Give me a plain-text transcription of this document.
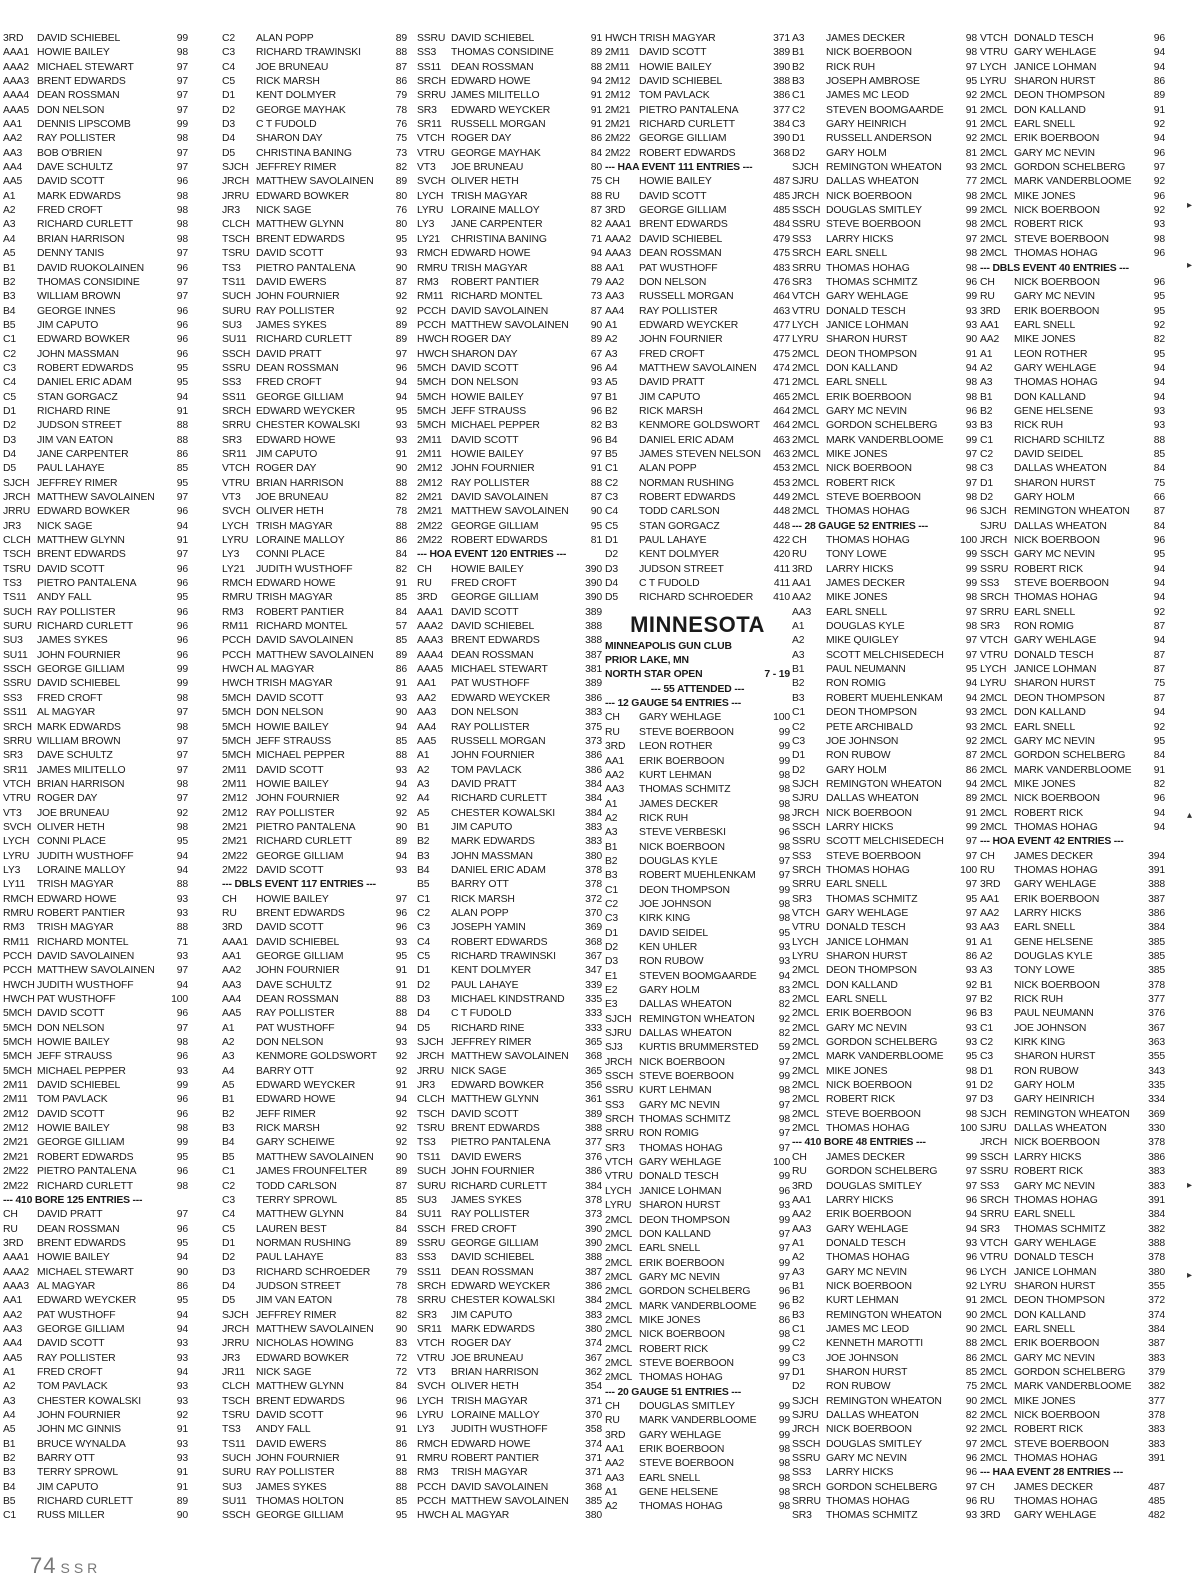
3RD	DAVID SCHIEBEL	99
AAA1 HOWIE BAILEY	98
AAA2 MICHAEL STEWART	97
AAA3 BRENT EDWARDS	97
AAA4 DEAN ROSSMAN	97
AAA5 DON NELSON	97
AA1	DENNIS LIPSCOMB	99
AA2	RAY POLLISTER	98
AA3	BOB O'BRIEN	97
AA4	DAVE SCHULTZ	97
AA5	DAVID SCOTT	96
A1	MARK EDWARDS	98
A2	FRED CROFT	98
A3	RICHARD CURLETT	98
A4	BRIAN HARRISON	98
A5	DENNY TANIS	97
B1	DAVID RUOKOLAINEN	96
B2	THOMAS CONSIDINE	97
B3	WILLIAM BROWN	97
B4	GEORGE INNES	96
B5	JIM CAPUTO	96
C1	EDWARD BOWKER	96
C2	JOHN MASSMAN	96
C3	ROBERT EDWARDS	95
C4	DANIEL ERIC ADAM	95
C5	STAN GORGACZ	94
D1	RICHARD RINE	91
D2	JUDSON STREET	88
D3	JIM VAN EATON	88
D4	JANE CARPENTER	86
D5	PAUL LAHAYE	85
SJCH JEFFREY RIMER	95
JRCH MATTHEW SAVOLAINEN	97
JRRU EDWARD BOWKER	96
JR3	NICK SAGE	94
CLCH MATTHEW GLYNN	91
TSCH BRENT EDWARDS	97
TSRU DAVID SCOTT	96
TS3	PIETRO PANTALENA	96
TS11	ANDY FALL	95
SUCH RAY POLLISTER	96
SURU RICHARD CURLETT	96
SU3	JAMES SYKES	96
SU11 JOHN FOURNIER	96
SSCH GEORGE GILLIAM	99
SSRU DAVID SCHIEBEL	99
SS3	FRED CROFT	98
SS11 AL MAGYAR	97
SRCH MARK EDWARDS	98
SRRU WILLIAM BROWN	97
SR3	DAVE SCHULTZ	97
SR11 JAMES MILITELLO	97
VTCH BRIAN HARRISON	98
VTRU ROGER DAY	97
VT3	JOE BRUNEAU	92
SVCH OLIVER HETH	98
LYCH CONNI PLACE	95
LYRU JUDITH WUSTHOFF	94
LY3	LORAINE MALLOY	94
LY11	TRISH MAGYAR	88
RMCH EDWARD HOWE	93
RMRU ROBERT PANTIER	93
RM3	TRISH MAGYAR	88
RM11 RICHARD MONTEL	71
PCCH DAVID SAVOLAINEN	93
PCCH MATTHEW SAVOLAINEN	97
HWCH JUDITH WUSTHOFF	94
HWCH PAT WUSTHOFF	100
5MCH DAVID SCOTT	96
5MCH DON NELSON	97
5MCH HOWIE BAILEY	98
5MCH JEFF STRAUSS	96
5MCH MICHAEL PEPPER	93
2M11 DAVID SCHIEBEL	99
2M11 TOM PAVLACK	96
2M12 DAVID SCOTT	96
2M12 HOWIE BAILEY	98
2M21 GEORGE GILLIAM	99
2M21 ROBERT EDWARDS	95
2M22 PIETRO PANTALENA	96
2M22 RICHARD CURLETT	98
--- 410 BORE 125 ENTRIES ---
CH	DAVID PRATT	97
RU	DEAN ROSSMAN	96
3RD	BRENT EDWARDS	95
AAA1 HOWIE BAILEY	94
AAA2 MICHAEL STEWART	90
AAA3 AL MAGYAR	86
AA1	EDWARD WEYCKER	95
AA2	PAT WUSTHOFF	94
AA3	GEORGE GILLIAM	94
AA4	DAVID SCOTT	93
AA5	RAY POLLISTER	93
A1	FRED CROFT	94
A2	TOM PAVLACK	93
A3	CHESTER KOWALSKI	93
A4	JOHN FOURNIER	92
A5	JOHN MC GINNIS	91
B1	BRUCE WYNALDA	93
B2	BARRY OTT	93
B3	TERRY SPROWL	91
B4	JIM CAPUTO	91
B5	RICHARD CURLETT	89
C1	RUSS MILLER	90
C2	ALAN POPP	89
C3	RICHARD TRAWINSKI	88
C4	JOE BRUNEAU	87
C5	RICK MARSH	86
D1	KENT DOLMYER	79
D2	GEORGE MAYHAK	78
D3	C T FUDOLD	76
D4	SHARON DAY	75
D5	CHRISTINA BANING	73
SJCH JEFFREY RIMER	82
JRCH MATTHEW SAVOLAINEN	89
JRRU EDWARD BOWKER	80
JR3	NICK SAGE	76
CLCH MATTHEW GLYNN	80
TSCH BRENT EDWARDS	95
TSRU DAVID SCOTT	93
TS3	PIETRO PANTALENA	90
TS11	DAVID EWERS	87
SUCH JOHN FOURNIER	92
SURU RAY POLLISTER	92
SU3	JAMES SYKES	89
SU11 RICHARD CURLETT	89
SSCH DAVID PRATT	97
SSRU DEAN ROSSMAN	96
SS3	FRED CROFT	94
SS11 GEORGE GILLIAM	94
SRCH EDWARD WEYCKER	95
SRRU CHESTER KOWALSKI	93
SR3	EDWARD HOWE	93
SR11 JIM CAPUTO	91
VTCH ROGER DAY	90
VTRU BRIAN HARRISON	88
VT3	JOE BRUNEAU	82
SVCH OLIVER HETH	78
LYCH TRISH MAGYAR	88
LYRU LORAINE MALLOY	86
LY3	CONNI PLACE	84
LY21	JUDITH WUSTHOFF	82
RMCH EDWARD HOWE	91
RMRU TRISH MAGYAR	85
RM3	ROBERT PANTIER	84
RM11 RICHARD MONTEL	57
PCCH DAVID SAVOLAINEN	85
PCCH MATTHEW SAVOLAINEN	89
HWCH AL MAGYAR	86
HWCH TRISH MAGYAR	91
5MCH DAVID SCOTT	93
5MCH DON NELSON	90
5MCH HOWIE BAILEY	94
5MCH JEFF STRAUSS	85
5MCH MICHAEL PEPPER	88
2M11 DAVID SCOTT	93
2M11 HOWIE BAILEY	94
2M12 JOHN FOURNIER	92
2M12 RAY POLLISTER	92
2M21 PIETRO PANTALENA	90
2M21 RICHARD CURLETT	89
2M22 GEORGE GILLIAM	94
2M22 DAVID SCOTT	93
--- DBLS EVENT 117 ENTRIES ---
CH	HOWIE BAILEY	97
RU	BRENT EDWARDS	96
3RD	DAVID SCOTT	96
AAA1 DAVID SCHIEBEL	93
AA1	GEORGE GILLIAM	95
AA2	JOHN FOURNIER	91
AA3	DAVE SCHULTZ	91
AA4	DEAN ROSSMAN	88
AA5	RAY POLLISTER	88
A1	PAT WUSTHOFF	94
A2	DON NELSON	93
A3	KENMORE GOLDSWORT	92
A4	BARRY OTT	92
A5	EDWARD WEYCKER	91
B1	EDWARD HOWE	94
B2	JEFF RIMER	92
B3	RICK MARSH	92
B4	GARY SCHEIWE	92
B5	MATTHEW SAVOLAINEN	90
C1	JAMES FROUNFELTER	89
C2	TODD CARLSON	87
C3	TERRY SPROWL	85
C4	MATTHEW GLYNN	84
C5	LAUREN BEST	84
D1	NORMAN RUSHING	89
D2	PAUL LAHAYE	83
D3	RICHARD SCHROEDER	79
D4	JUDSON STREET	78
D5	JIM VAN EATON	78
SJCH JEFFREY RIMER	82
JRCH MATTHEW SAVOLAINEN	90
JRRU NICHOLAS HOWING	83
JR3	EDWARD BOWKER	72
JR11	NICK SAGE	72
CLCH MATTHEW GLYNN	84
TSCH BRENT EDWARDS	96
TSRU DAVID SCOTT	96
TS3	ANDY FALL	91
TS11	DAVID EWERS	86
SUCH JOHN FOURNIER	91
SURU RAY POLLISTER	88
SU3	JAMES SYKES	88
SU11 THOMAS HOLTON	85
SSCH GEORGE GILLIAM	95
SSRU DAVID SCHIEBEL	91
SS3	THOMAS CONSIDINE	89
SS11 DEAN ROSSMAN	88
SRCH EDWARD HOWE	94
SRRU JAMES MILITELLO	91
SR3	EDWARD WEYCKER	91
SR11 RUSSELL MORGAN	91
VTCH ROGER DAY	86
VTRU GEORGE MAYHAK	84
VT3	JOE BRUNEAU	80
SVCH OLIVER HETH	75
LYCH TRISH MAGYAR	88
LYRU LORAINE MALLOY	87
LY3	JANE CARPENTER	82
LY21	CHRISTINA BANING	71
RMCH EDWARD HOWE	94
RMRU TRISH MAGYAR	88
RM3	ROBERT PANTIER	79
RM11 RICHARD MONTEL	73
PCCH DAVID SAVOLAINEN	87
PCCH MATTHEW SAVOLAINEN	90
HWCH ROGER DAY	89
HWCH SHARON DAY	67
5MCH DAVID SCOTT	96
5MCH DON NELSON	93
5MCH HOWIE BAILEY	97
5MCH JEFF STRAUSS	96
5MCH MICHAEL PEPPER	82
2M11 DAVID SCOTT	96
2M11 HOWIE BAILEY	97
2M12 JOHN FOURNIER	91
2M12 RAY POLLISTER	88
2M21 DAVID SAVOLAINEN	87
2M21 MATTHEW SAVOLAINEN	90
2M22 GEORGE GILLIAM	95
2M22 ROBERT EDWARDS	81
--- HOA EVENT 120 ENTRIES ---
CH	HOWIE BAILEY	390
RU	FRED CROFT	390
3RD	GEORGE GILLIAM	390
AAA1 DAVID SCOTT	389
AAA2 DAVID SCHIEBEL	388
AAA3 BRENT EDWARDS	388
AAA4 DEAN ROSSMAN	387
AAA5 MICHAEL STEWART	381
AA1	PAT WUSTHOFF	389
AA2	EDWARD WEYCKER	386
AA3	DON NELSON	383
AA4	RAY POLLISTER	375
AA5	RUSSELL MORGAN	373
A1	JOHN FOURNIER	386
A2	TOM PAVLACK	386
A3	DAVID PRATT	384
A4	RICHARD CURLETT	384
A5	CHESTER KOWALSKI	384
B1	JIM CAPUTO	383
B2	MARK EDWARDS	383
B3	JOHN MASSMAN	380
B4	DANIEL ERIC ADAM	378
B5	BARRY OTT	378
C1	RICK MARSH	372
C2	ALAN POPP	370
C3	JOSEPH YAMIN	369
C4	ROBERT EDWARDS	368
C5	RICHARD TRAWINSKI	367
D1	KENT DOLMYER	347
D2	PAUL LAHAYE	339
D3	MICHAEL KINDSTRAND	335
D4	C T FUDOLD	333
D5	RICHARD RINE	333
SJCH JEFFREY RIMER	365
JRCH MATTHEW SAVOLAINEN	368
JRRU NICK SAGE	365
JR3	EDWARD BOWKER	356
CLCH MATTHEW GLYNN	361
TSCH DAVID SCOTT	389
TSRU BRENT EDWARDS	388
TS3	PIETRO PANTALENA	377
TS11	DAVID EWERS	376
SUCH JOHN FOURNIER	386
SURU RICHARD CURLETT	384
SU3	JAMES SYKES	378
SU11 RAY POLLISTER	373
SSCH FRED CROFT	390
SSRU GEORGE GILLIAM	390
SS3	DAVID SCHIEBEL	388
SS11 DEAN ROSSMAN	387
SRCH EDWARD WEYCKER	386
SRRU CHESTER KOWALSKI	384
SR3	JIM CAPUTO	383
SR11 MARK EDWARDS	380
VTCH ROGER DAY	374
VTRU JOE BRUNEAU	367
VT3	BRIAN HARRISON	362
SVCH OLIVER HETH	354
LYCH TRISH MAGYAR	371
LYRU LORAINE MALLOY	370
LY3	JUDITH WUSTHOFF	358
RMCH EDWARD HOWE	374
RMRU ROBERT PANTIER	371
RM3	TRISH MAGYAR	371
PCCH DAVID SAVOLAINEN	368
PCCH MATTHEW SAVOLAINEN	385
HWCH AL MAGYAR	380
HWCH TRISH MAGYAR	371
2M11 DAVID SCOTT	389
2M11 HOWIE BAILEY	390
2M12 DAVID SCHIEBEL	388
2M12 TOM PAVLACK	386
2M21 PIETRO PANTALENA	377
2M21 RICHARD CURLETT	384
2M22 GEORGE GILLIAM	390
2M22 ROBERT EDWARDS	368
--- HAA EVENT 111 ENTRIES ---
CH	HOWIE BAILEY	487
RU	DAVID SCOTT	485
3RD	GEORGE GILLIAM	485
AAA1 BRENT EDWARDS	484
AAA2 DAVID SCHIEBEL	479
AAA3 DEAN ROSSMAN	475
AA1	PAT WUSTHOFF	483
AA2	DON NELSON	476
AA3	RUSSELL MORGAN	464
AA4	RAY POLLISTER	463
A1	EDWARD WEYCKER	477
A2	JOHN FOURNIER	477
A3	FRED CROFT	475
A4	MATTHEW SAVOLAINEN	474
A5	DAVID PRATT	471
B1	JIM CAPUTO	465
B2	RICK MARSH	464
B3	KENMORE GOLDSWORT	464
B4	DANIEL ERIC ADAM	463
B5	JAMES STEVEN NELSON	463
C1	ALAN POPP	453
C2	NORMAN RUSHING	453
C3	ROBERT EDWARDS	449
C4	TODD CARLSON	448
C5	STAN GORGACZ	448
D1	PAUL LAHAYE	422
D2	KENT DOLMYER	420
D3	JUDSON STREET	411
D4	C T FUDOLD	411
D5	RICHARD SCHROEDER	410
MINNESOTA
MINNEAPOLIS GUN CLUB
PRIOR LAKE, MN
NORTH STAR OPEN	7 - 19
--- 55 ATTENDED ---
--- 12 GAUGE 54 ENTRIES ---
CH	GARY WEHLAGE	100
RU	STEVE BOERBOON	99
3RD	LEON ROTHER	99
AA1	ERIK BOERBOON	99
AA2	KURT LEHMAN	98
AA3	THOMAS SCHMITZ	98
A1	JAMES DECKER	98
A2	RICK RUH	98
A3	STEVE VERBESKI	96
B1	NICK BOERBOON	98
B2	DOUGLAS KYLE	97
B3	ROBERT MUEHLENKAM	97
C1	DEON THOMPSON	99
C2	JOE JOHNSON	98
C3	KIRK KING	98
D1	DAVID SEIDEL	95
D2	KEN UHLER	93
D3	RON RUBOW	93
E1	STEVEN BOOMGAARDE	94
E2	GARY HOLM	83
E3	DALLAS WHEATON	82
SJCH REMINGTON WHEATON	92
SJRU DALLAS WHEATON	82
SJ3	KURTIS BRUMMERSTED	59
JRCH NICK BOERBOON	97
SSCH STEVE BOERBOON	99
SSRU KURT LEHMAN	98
SS3	GARY MC NEVIN	97
SRCH THOMAS SCHMITZ	98
SRRU RON ROMIG	97
SR3	THOMAS HOHAG	97
VTCH GARY WEHLAGE	100
VTRU DONALD TESCH	99
LYCH JANICE LOHMAN	96
LYRU SHARON HURST	93
2MCL DEON THOMPSON	99
2MCL DON KALLAND	97
2MCL EARL SNELL	97
2MCL ERIK BOERBOON	99
2MCL GARY MC NEVIN	97
2MCL GORDON SCHELBERG	96
2MCL MARK VANDERBLOOME	96
2MCL MIKE JONES	86
2MCL NICK BOERBOON	98
2MCL ROBERT RICK	99
2MCL STEVE BOERBOON	99
2MCL THOMAS HOHAG	97
--- 20 GAUGE 51 ENTRIES ---
CH	DOUGLAS SMITLEY	99
RU	MARK VANDERBLOOME	99
3RD	GARY WEHLAGE	99
AA1	ERIK BOERBOON	98
AA2	STEVE BOERBOON	98
AA3	EARL SNELL	98
A1	GENE HELSENE	98
A2	THOMAS HOHAG	98
A3	JAMES DECKER	98
B1	NICK BOERBOON	98
B2	RICK RUH	97
B3	JOSEPH AMBROSE	95
C1	JAMES MC LEOD	92
C2	STEVEN BOOMGAARDE	91
C3	GARY HEINRICH	91
D1	RUSSELL ANDERSON	92
D2	GARY HOLM	81
SJCH REMINGTON WHEATON	93
SJRU DALLAS WHEATON	77
JRCH NICK BOERBOON	98
SSCH DOUGLAS SMITLEY	99
SSRU STEVE BOERBOON	98
SS3	LARRY HICKS	97
SRCH EARL SNELL	98
SRRU THOMAS HOHAG	98
SR3	THOMAS SCHMITZ	96
VTCH GARY WEHLAGE	99
VTRU DONALD TESCH	93
LYCH JANICE LOHMAN	93
LYRU SHARON HURST	90
2MCL DEON THOMPSON	91
2MCL DON KALLAND	94
2MCL EARL SNELL	98
2MCL ERIK BOERBOON	98
2MCL GARY MC NEVIN	96
2MCL GORDON SCHELBERG	93
2MCL MARK VANDERBLOOME	99
2MCL MIKE JONES	97
2MCL NICK BOERBOON	98
2MCL ROBERT RICK	97
2MCL STEVE BOERBOON	98
2MCL THOMAS HOHAG	96
--- 28 GAUGE 52 ENTRIES ---
CH	THOMAS HOHAG	100
RU	TONY LOWE	99
3RD	LARRY HICKS	99
AA1	JAMES DECKER	99
AA2	MIKE JONES	98
AA3	EARL SNELL	97
A1	DOUGLAS KYLE	98
A2	MIKE QUIGLEY	97
A3	SCOTT MELCHISEDECH	97
B1	PAUL NEUMANN	95
B2	RON ROMIG	94
B3	ROBERT MUEHLENKAM	94
C1	DEON THOMPSON	93
C2	PETE ARCHIBALD	93
C3	JOE JOHNSON	92
D1	RON RUBOW	87
D2	GARY HOLM	86
SJCH REMINGTON WHEATON	94
SJRU DALLAS WHEATON	89
JRCH NICK BOERBOON	91
SSCH LARRY HICKS	99
SSRU SCOTT MELCHISEDECH	97
SS3	STEVE BOERBOON	97
SRCH THOMAS HOHAG	100
SRRU EARL SNELL	97
SR3	THOMAS SCHMITZ	95
VTCH GARY WEHLAGE	97
VTRU DONALD TESCH	93
LYCH JANICE LOHMAN	91
LYRU SHARON HURST	86
2MCL DEON THOMPSON	93
2MCL DON KALLAND	92
2MCL EARL SNELL	97
2MCL ERIK BOERBOON	96
2MCL GARY MC NEVIN	93
2MCL GORDON SCHELBERG	93
2MCL MARK VANDERBLOOME	95
2MCL MIKE JONES	98
2MCL NICK BOERBOON	91
2MCL ROBERT RICK	97
2MCL STEVE BOERBOON	98
2MCL THOMAS HOHAG	100
--- 410 BORE 48 ENTRIES ---
CH	JAMES DECKER	99
RU	GORDON SCHELBERG	97
3RD	DOUGLAS SMITLEY	97
AA1	LARRY HICKS	96
AA2	ERIK BOERBOON	94
AA3	GARY WEHLAGE	94
A1	DONALD TESCH	93
A2	THOMAS HOHAG	96
A3	GARY MC NEVIN	96
B1	NICK BOERBOON	92
B2	KURT LEHMAN	91
B3	REMINGTON WHEATON	90
C1	JAMES MC LEOD	90
C2	KENNETH MAROTTI	88
C3	JOE JOHNSON	86
D1	SHARON HURST	85
D2	RON RUBOW	75
SJCH REMINGTON WHEATON	90
SJRU DALLAS WHEATON	82
JRCH NICK BOERBOON	92
SSCH DOUGLAS SMITLEY	97
SSRU GARY MC NEVIN	96
SS3	LARRY HICKS	96
SRCH GORDON SCHELBERG	97
SRRU THOMAS HOHAG	96
SR3	THOMAS SCHMITZ	93
VTCH DONALD TESCH	96
VTRU GARY WEHLAGE	94
LYCH JANICE LOHMAN	94
LYRU SHARON HURST	86
2MCL DEON THOMPSON	89
2MCL DON KALLAND	91
2MCL EARL SNELL	92
2MCL ERIK BOERBOON	94
2MCL GARY MC NEVIN	96
2MCL GORDON SCHELBERG	97
2MCL MARK VANDERBLOOME	92
2MCL MIKE JONES	96
2MCL NICK BOERBOON	92
2MCL ROBERT RICK	93
2MCL STEVE BOERBOON	98
2MCL THOMAS HOHAG	96
--- DBLS EVENT 40 ENTRIES ---
CH	NICK BOERBOON	96
RU	GARY MC NEVIN	95
3RD	ERIK BOERBOON	95
AA1	EARL SNELL	92
AA2	MIKE JONES	82
A1	LEON ROTHER	95
A2	GARY WEHLAGE	94
A3	THOMAS HOHAG	94
B1	DON KALLAND	94
B2	GENE HELSENE	93
B3	RICK RUH	93
C1	RICHARD SCHILTZ	88
C2	DAVID SEIDEL	85
C3	DALLAS WHEATON	84
D1	SHARON HURST	75
D2	GARY HOLM	66
SJCH REMINGTON WHEATON	87
SJRU DALLAS WHEATON	84
JRCH NICK BOERBOON	96
SSCH GARY MC NEVIN	95
SSRU ROBERT RICK	94
SS3	STEVE BOERBOON	94
SRCH THOMAS HOHAG	94
SRRU EARL SNELL	92
SR3	RON ROMIG	87
VTCH GARY WEHLAGE	94
VTRU DONALD TESCH	87
LYCH JANICE LOHMAN	87
LYRU SHARON HURST	75
2MCL DEON THOMPSON	87
2MCL DON KALLAND	94
2MCL EARL SNELL	92
2MCL GARY MC NEVIN	95
2MCL GORDON SCHELBERG	84
2MCL MARK VANDERBLOOME	91
2MCL MIKE JONES	82
2MCL NICK BOERBOON	96
2MCL ROBERT RICK	94
2MCL THOMAS HOHAG	94
--- HOA EVENT 42 ENTRIES ---
CH	JAMES DECKER	394
RU	THOMAS HOHAG	391
3RD	GARY WEHLAGE	388
AA1	ERIK BOERBOON	387
AA2	LARRY HICKS	386
AA3	EARL SNELL	384
A1	GENE HELSENE	385
A2	DOUGLAS KYLE	385
A3	TONY LOWE	385
B1	NICK BOERBOON	378
B2	RICK RUH	377
B3	PAUL NEUMANN	376
C1	JOE JOHNSON	367
C2	KIRK KING	363
C3	SHARON HURST	355
D1	RON RUBOW	343
D2	GARY HOLM	335
D3	GARY HEINRICH	334
SJCH REMINGTON WHEATON	369
SJRU DALLAS WHEATON	330
JRCH NICK BOERBOON	378
SSCH LARRY HICKS	386
SSRU ROBERT RICK	383
SS3	GARY MC NEVIN	383
SRCH THOMAS HOHAG	391
SRRU EARL SNELL	384
SR3	THOMAS SCHMITZ	382
VTCH GARY WEHLAGE	388
VTRU DONALD TESCH	378
LYCH JANICE LOHMAN	380
LYRU SHARON HURST	355
2MCL DEON THOMPSON	372
2MCL DON KALLAND	374
2MCL EARL SNELL	384
2MCL ERIK BOERBOON	387
2MCL GARY MC NEVIN	383
2MCL GORDON SCHELBERG	379
2MCL MARK VANDERBLOOME	382
2MCL MIKE JONES	377
2MCL NICK BOERBOON	378
2MCL ROBERT RICK	383
2MCL STEVE BOERBOON	383
2MCL THOMAS HOHAG	391
--- HAA EVENT 28 ENTRIES ---
CH	JAMES DECKER	487
RU	THOMAS HOHAG	485
3RD	GARY WEHLAGE	482
74 SSR
▸
▸
▴
▸
▸
